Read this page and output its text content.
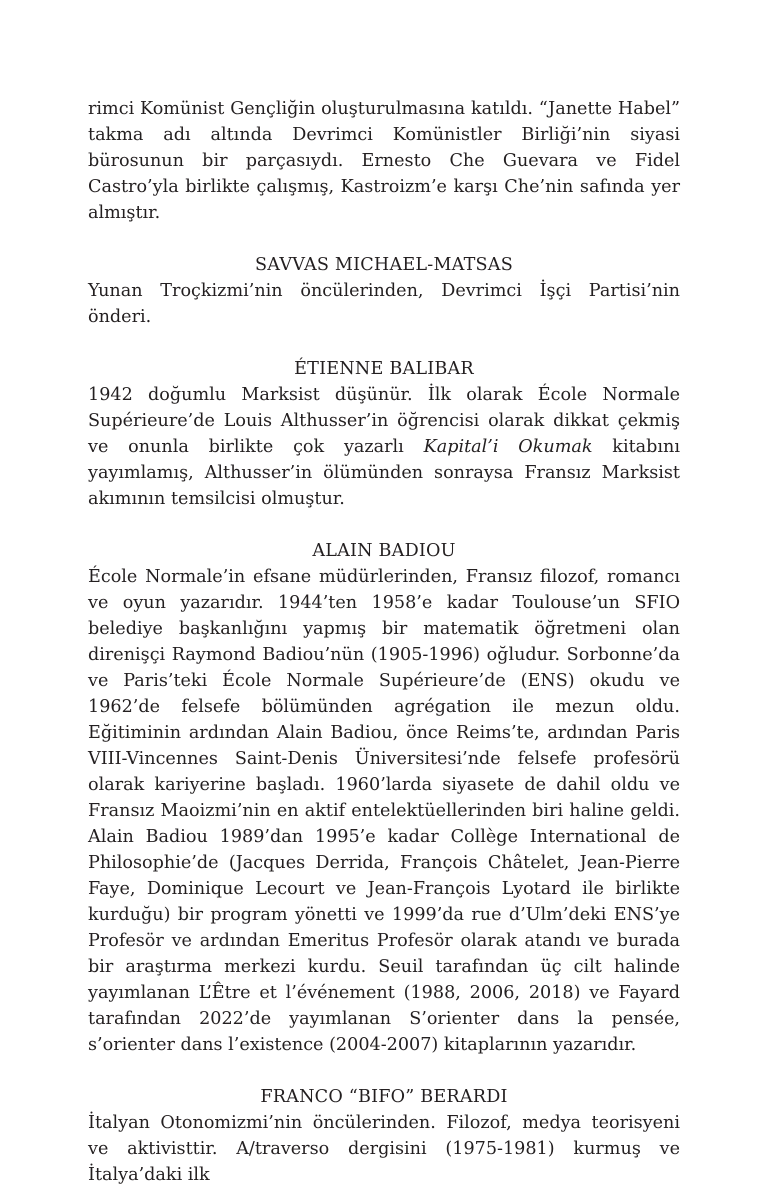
rimci Komünist Gençliğin oluşturulmasına katıldı. “Janette Habel” takma adı altında Devrimci Komünistler Birliği’nin siyasi bürosunun bir parçasıydı. Ernesto Che Guevara ve Fidel Castro’yla birlikte çalışmış, Kastroizm’e karşı Che’nin safında yer almıştır.

SAVVAS MICHAEL-MATSAS

Yunan Troçkizmi’nin öncülerinden, Devrimci İşçi Partisi’nin önderi.

ÉTIENNE BALIBAR

1942 doğumlu Marksist düşünür. İlk olarak École Normale Supérieure’de Louis Althusser’in öğrencisi olarak dikkat çekmiş ve onunla birlikte çok yazarlı Kapital’i Okumak kitabını yayımlamış, Althusser’in ölümünden sonraysa Fransız Marksist akımının temsilcisi olmuştur.

ALAIN BADIOU

École Normale’in efsane müdürlerinden, Fransız filozof, romancı ve oyun yazarıdır. 1944’ten 1958’e kadar Toulouse’un SFIO belediye başkanlığını yapmış bir matematik öğretmeni olan direnişçi Raymond Badiou’nün (1905-1996) oğludur. Sorbonne’da ve Paris’teki École Normale Supérieure’de (ENS) okudu ve 1962’de felsefe bölümünden agrégation ile mezun oldu. Eğitiminin ardından Alain Badiou, önce Reims’te, ardından Paris VIII-Vincennes Saint-Denis Üniversitesi’nde felsefe profesörü olarak kariyerine başladı. 1960’larda siyasete de dahil oldu ve Fransız Maoizmi’nin en aktif entelektüellerinden biri haline geldi. Alain Badiou 1989’dan 1995’e kadar Collège International de Philosophie’de (Jacques Derrida, François Châtelet, Jean-Pierre Faye, Dominique Lecourt ve Jean-François Lyotard ile birlikte kurduğu) bir program yönetti ve 1999’da rue d’Ulm’deki ENS’ye Profesör ve ardından Emeritus Profesör olarak atandı ve burada bir araştırma merkezi kurdu. Seuil tarafından üç cilt halinde yayımlanan L’Être et l’événement (1988, 2006, 2018) ve Fayard tarafından 2022’de yayımlanan S’orienter dans la pensée, s’orienter dans l’existence (2004-2007) kitaplarının yazarıdır.

FRANCO “BIFO” BERARDI

İtalyan Otonomizmi’nin öncülerinden. Filozof, medya teorisyeni ve aktivisttir. A/traverso dergisini (1975-1981) kurmuş ve İtalya’daki ilk
